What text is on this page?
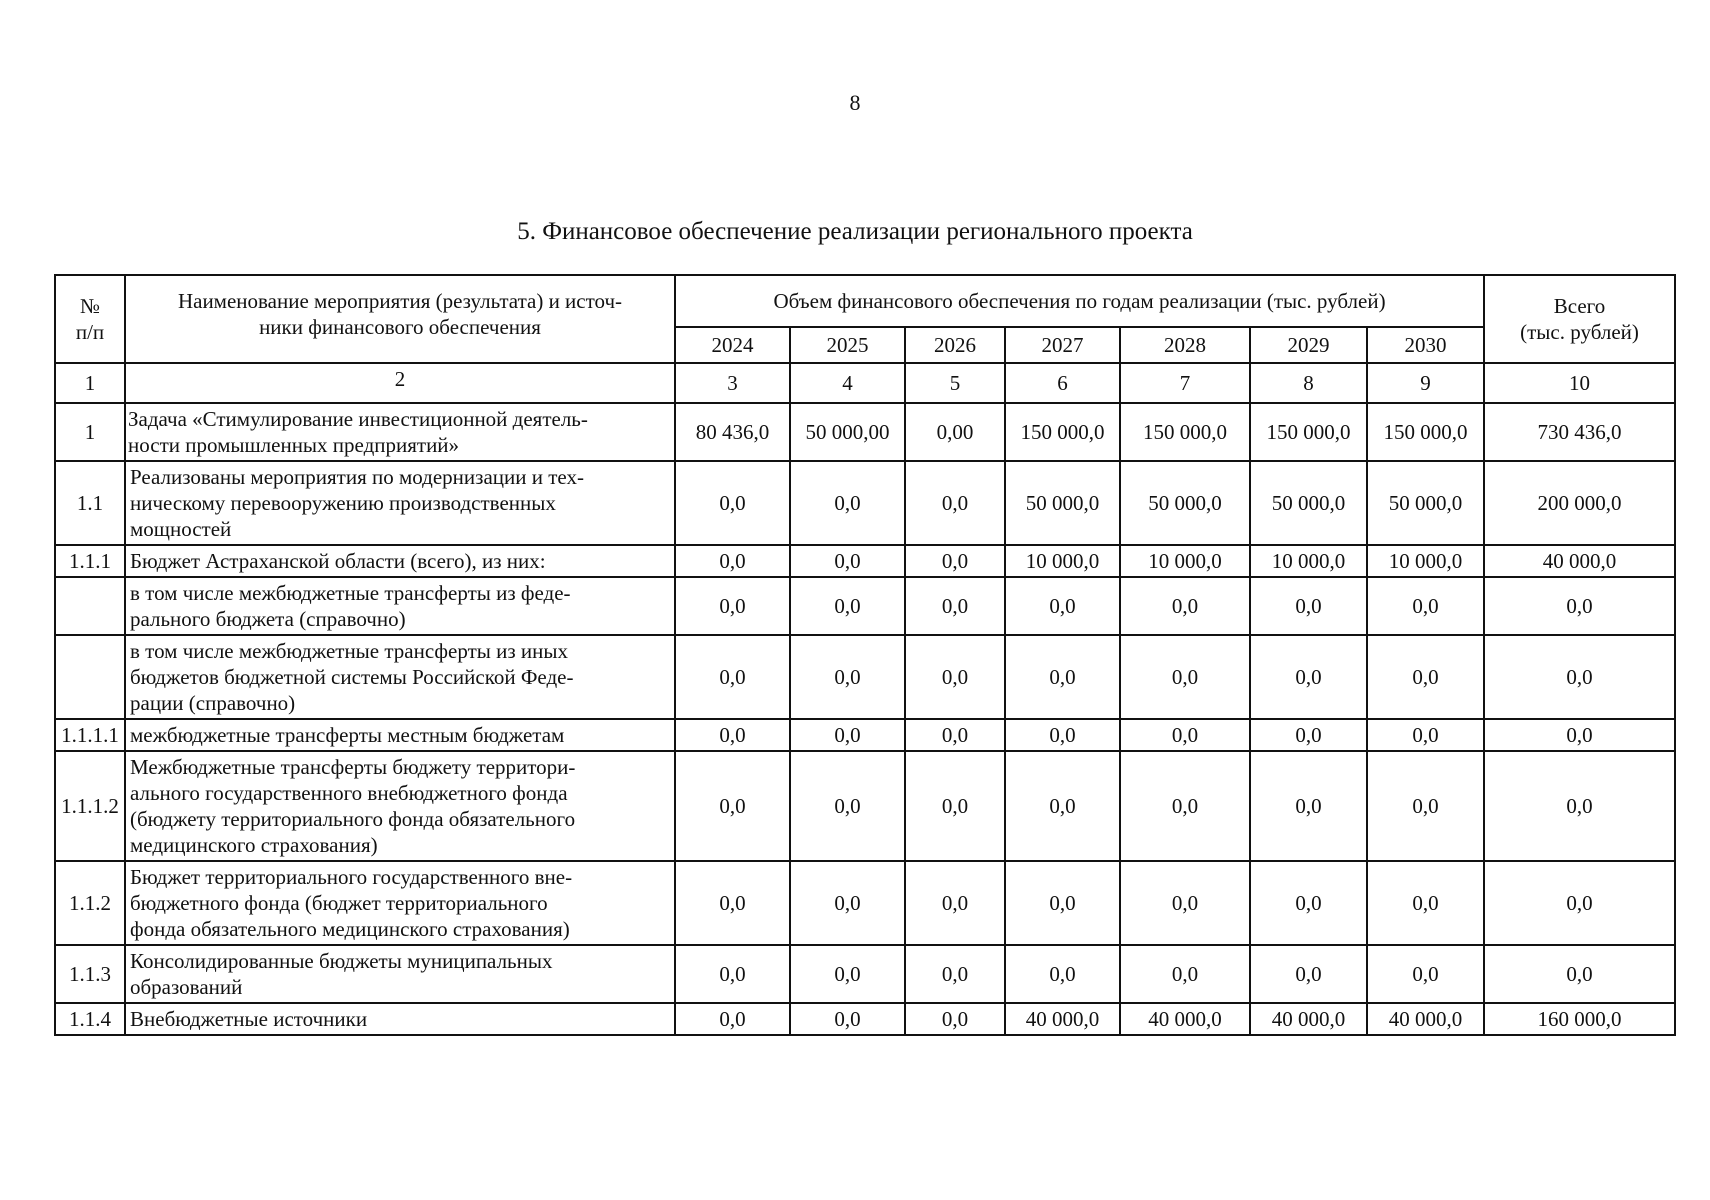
8
5. Финансовое обеспечение реализации регионального проекта
№
п/п	Наименование мероприятия (результата) и источ-
ники финансового обеспечения	Объем финансового обеспечения по годам реализации (тыс. рублей)							Всего
(тыс. рублей)
		2024	2025	2026	2027	2028	2029	2030	
1	2	3	4	5	6	7	8	9	10
1	Задача «Стимулирование инвестиционной деятель-
ности промышленных предприятий»	80 436,0	50 000,00	0,00	150 000,0	150 000,0	150 000,0	150 000,0	730 436,0
1.1	Реализованы мероприятия по модернизации и тех-
ническому перевооружению производственных
мощностей	0,0	0,0	0,0	50 000,0	50 000,0	50 000,0	50 000,0	200 000,0
1.1.1	Бюджет Астраханской области (всего), из них:	0,0	0,0	0,0	10 000,0	10 000,0	10 000,0	10 000,0	40 000,0
	в том числе межбюджетные трансферты из феде-
рального бюджета (справочно)	0,0	0,0	0,0	0,0	0,0	0,0	0,0	0,0
	в том числе межбюджетные трансферты из иных
бюджетов бюджетной системы Российской Феде-
рации (справочно)	0,0	0,0	0,0	0,0	0,0	0,0	0,0	0,0
1.1.1.1	межбюджетные трансферты местным бюджетам	0,0	0,0	0,0	0,0	0,0	0,0	0,0	0,0
1.1.1.2	Межбюджетные трансферты бюджету территори-
ального государственного внебюджетного фонда
(бюджету территориального фонда обязательного
медицинского страхования)	0,0	0,0	0,0	0,0	0,0	0,0	0,0	0,0
1.1.2	Бюджет территориального государственного вне-
бюджетного фонда (бюджет территориального
фонда обязательного медицинского страхования)	0,0	0,0	0,0	0,0	0,0	0,0	0,0	0,0
1.1.3	Консолидированные бюджеты муниципальных
образований	0,0	0,0	0,0	0,0	0,0	0,0	0,0	0,0
1.1.4	Внебюджетные источники	0,0	0,0	0,0	40 000,0	40 000,0	40 000,0	40 000,0	160 000,0
